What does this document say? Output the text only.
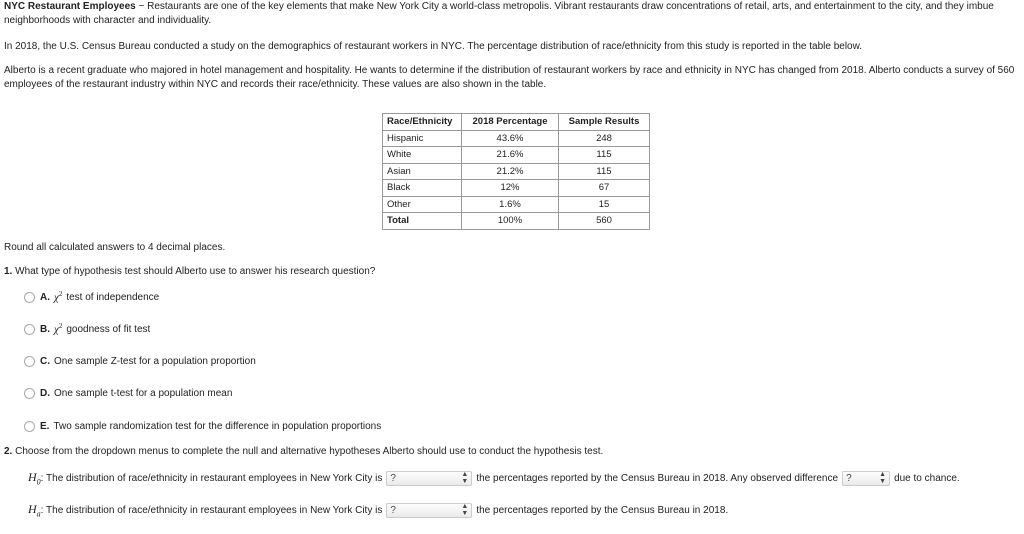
NYC Restaurant Employees ~ Restaurants are one of the key elements that make New York City a world-class metropolis. Vibrant restaurants draw concentrations of retail, arts, and entertainment to the city, and they imbue neighborhoods with character and individuality.
In 2018, the U.S. Census Bureau conducted a study on the demographics of restaurant workers in NYC. The percentage distribution of race/ethnicity from this study is reported in the table below.
Alberto is a recent graduate who majored in hotel management and hospitality. He wants to determine if the distribution of restaurant workers by race and ethnicity in NYC has changed from 2018. Alberto conducts a survey of 560 employees of the restaurant industry within NYC and records their race/ethnicity. These values are also shown in the table.
Race/Ethnicity	2018 Percentage	Sample Results
Hispanic	43.6%	248
White	21.6%	115
Asian	21.2%	115
Black	12%	67
Other	1.6%	15
Total	100%	560
Round all calculated answers to 4 decimal places.
1. What type of hypothesis test should Alberto use to answer his research question?
A. $\chi^2$ test of independence
B. $\chi^2$ goodness of fit test
C. One sample Z-test for a population proportion
D. One sample t-test for a population mean
E. Two sample randomization test for the difference in population proportions
2. Choose from the dropdown menus to complete the null and alternative hypotheses Alberto should use to conduct the hypothesis test.
$H_0$ : The distribution of race/ethnicity in restaurant employees in New York City is ?	▲
▼ the percentages reported by the Census Bureau in 2018. Any observed difference ?	▲
▼ due to chance.
$H_a$ : The distribution of race/ethnicity in restaurant employees in New York City is ?	▲
▼ the percentages reported by the Census Bureau in 2018.
